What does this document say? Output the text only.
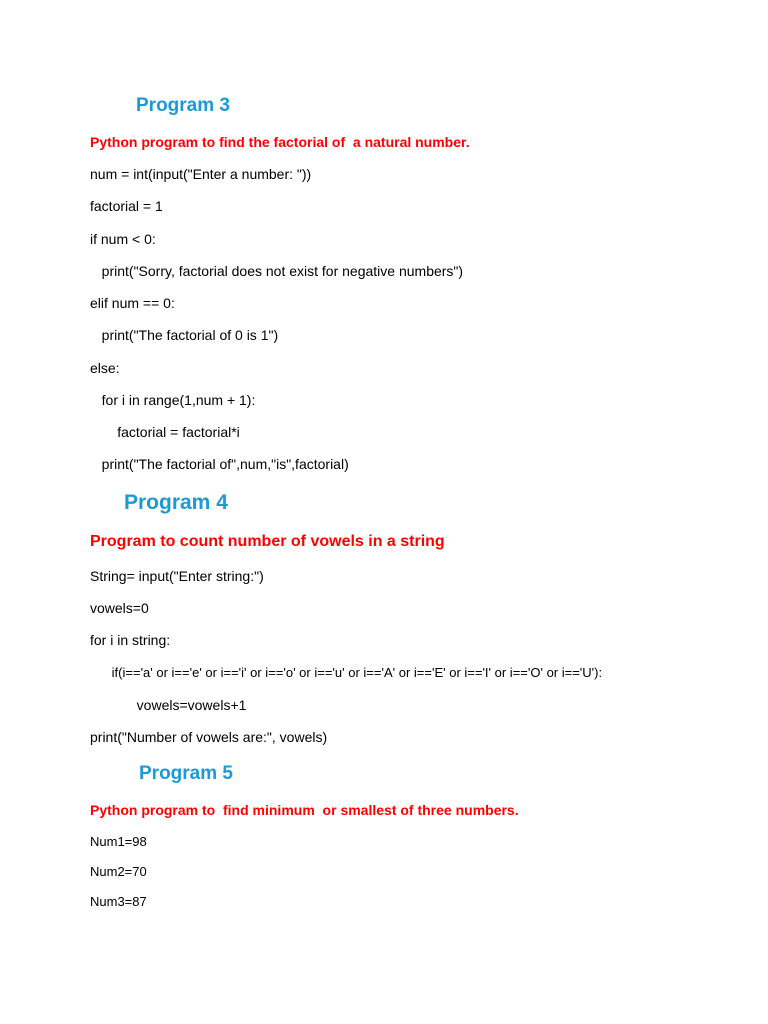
Program 3
Python program to find the factorial of  a natural number.
num = int(input("Enter a number: "))
factorial = 1
if num < 0:
print("Sorry, factorial does not exist for negative numbers")
elif num == 0:
print("The factorial of 0 is 1")
else:
for i in range(1,num + 1):
factorial = factorial*i
print("The factorial of",num,"is",factorial)
Program 4
Program to count number of vowels in a string
String= input("Enter string:")
vowels=0
for i in string:
if(i=='a' or i=='e' or i=='i' or i=='o' or i=='u' or i=='A' or i=='E' or i=='I' or i=='O' or i=='U'):
vowels=vowels+1
print("Number of vowels are:", vowels)
Program 5
Python program to  find minimum  or smallest of three numbers.
Num1=98
Num2=70
Num3=87
